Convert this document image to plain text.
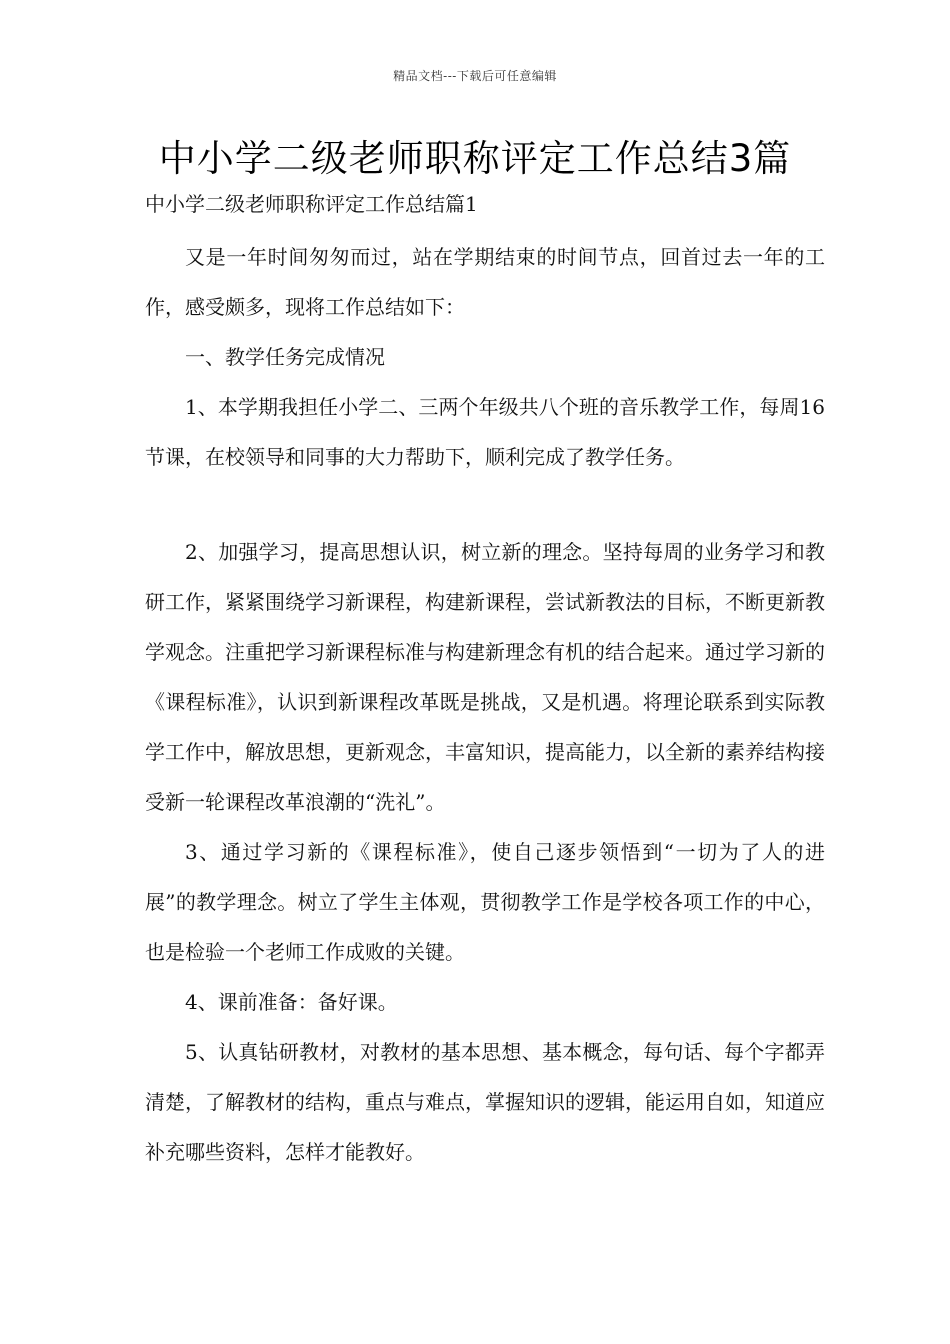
精品文档---下载后可任意编辑
中小学二级老师职称评定工作总结3篇
中小学二级老师职称评定工作总结篇1

又是一年时间匆匆而过，站在学期结束的时间节点，回首过去一年的工作，感受颇多，现将工作总结如下：

一、教学任务完成情况

1、本学期我担任小学二、三两个年级共八个班的音乐教学工作，每周16节课，在校领导和同事的大力帮助下，顺利完成了教学任务。

2、加强学习，提高思想认识，树立新的理念。坚持每周的业务学习和教研工作，紧紧围绕学习新课程，构建新课程，尝试新教法的目标，不断更新教学观念。注重把学习新课程标准与构建新理念有机的结合起来。通过学习新的《课程标准》，认识到新课程改革既是挑战，又是机遇。将理论联系到实际教学工作中，解放思想，更新观念，丰富知识，提高能力，以全新的素养结构接受新一轮课程改革浪潮的“洗礼”。

3、通过学习新的《课程标准》，使自己逐步领悟到“一切为了人的进展”的教学理念。树立了学生主体观，贯彻教学工作是学校各项工作的中心，也是检验一个老师工作成败的关键。

4、课前准备：备好课。

5、认真钻研教材，对教材的基本思想、基本概念，每句话、每个字都弄清楚，了解教材的结构，重点与难点，掌握知识的逻辑，能运用自如，知道应补充哪些资料，怎样才能教好。
